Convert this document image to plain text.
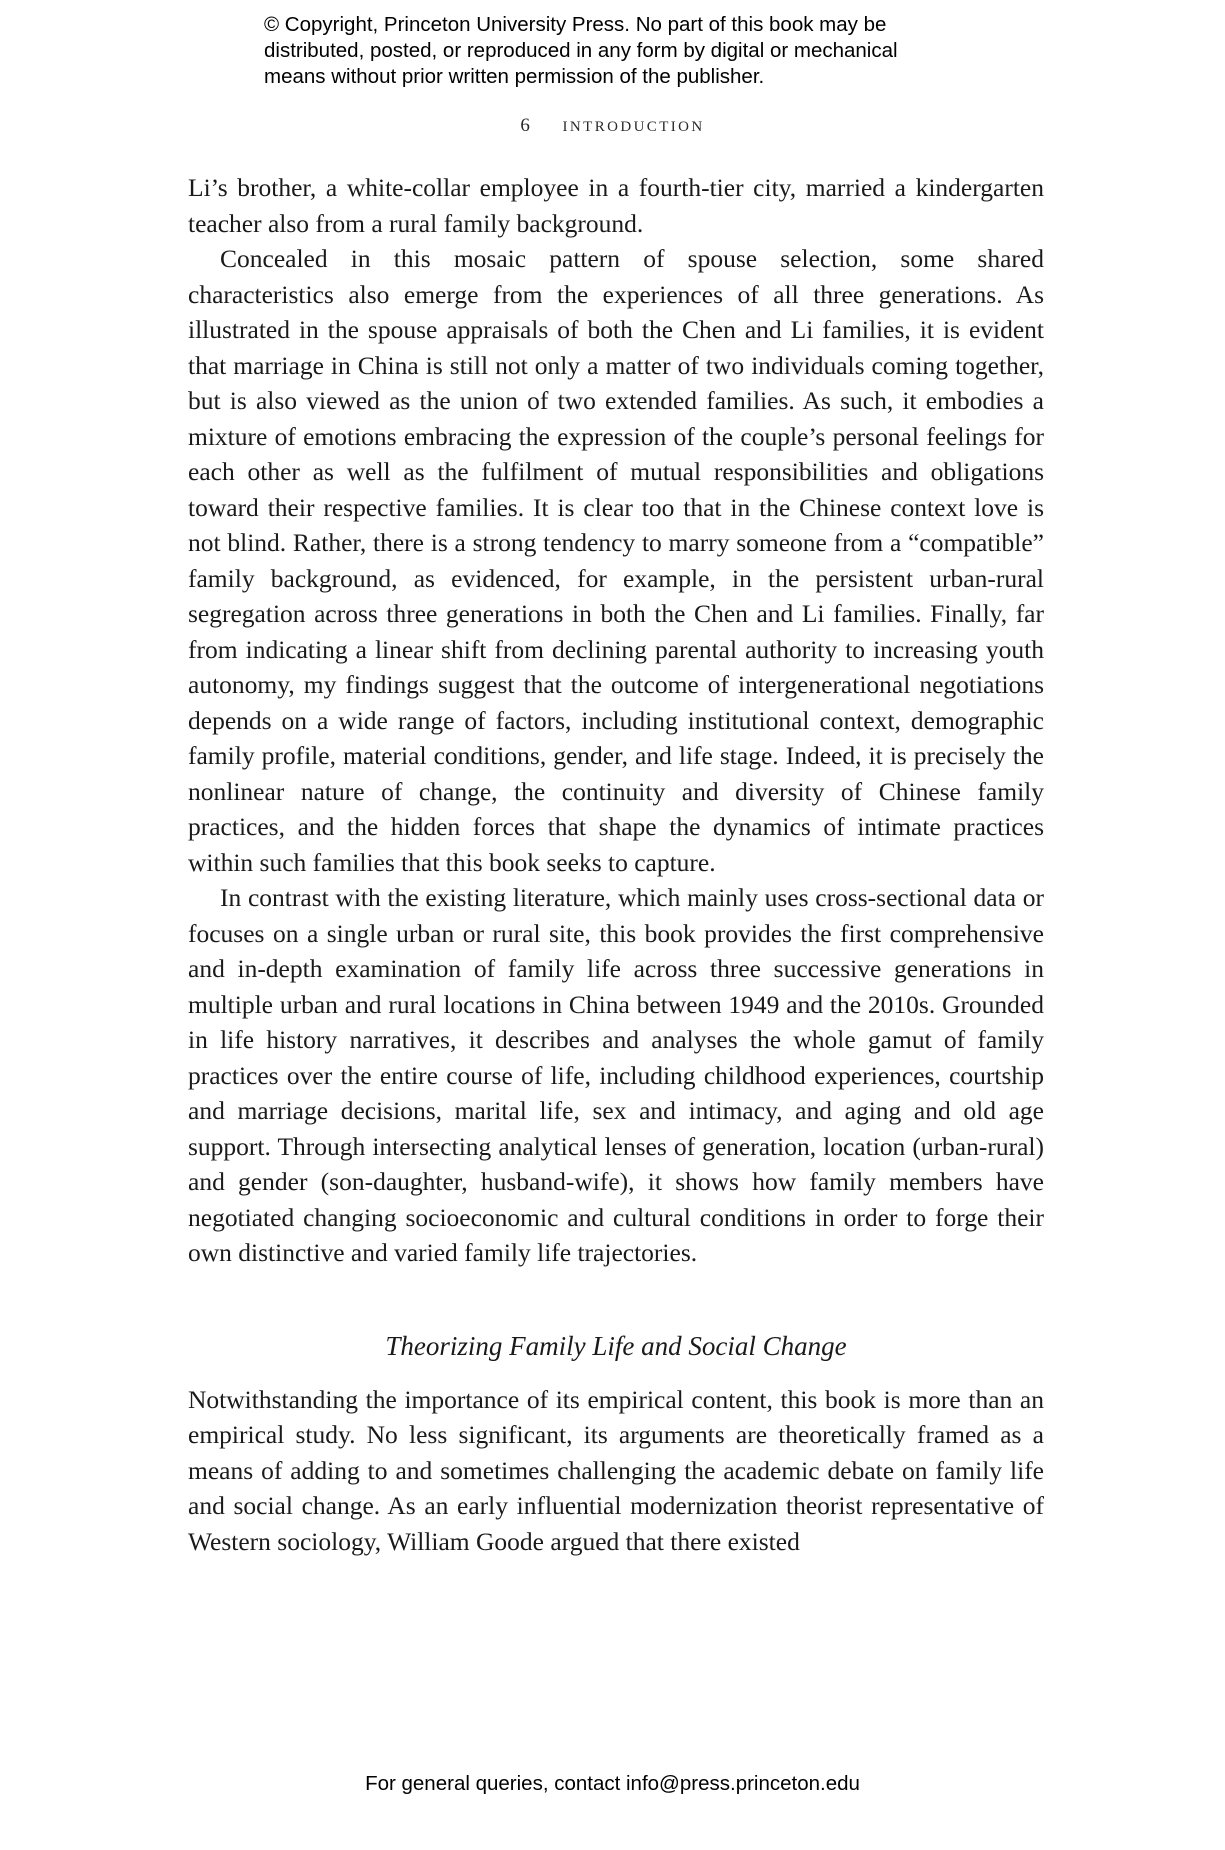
© Copyright, Princeton University Press. No part of this book may be
distributed, posted, or reproduced in any form by digital or mechanical
means without prior written permission of the publisher.
6 introduction

Li’s brother, a white-collar employee in a fourth-tier city, married a kindergarten teacher also from a rural family background.

Concealed in this mosaic pattern of spouse selection, some shared characteristics also emerge from the experiences of all three generations. As illustrated in the spouse appraisals of both the Chen and Li families, it is evident that marriage in China is still not only a matter of two individuals coming together, but is also viewed as the union of two extended families. As such, it embodies a mixture of emotions embracing the expression of the couple’s personal feelings for each other as well as the fulfilment of mutual responsibilities and obligations toward their respective families. It is clear too that in the Chinese context love is not blind. Rather, there is a strong tendency to marry someone from a “compatible” family background, as evidenced, for example, in the persistent urban-rural segregation across three generations in both the Chen and Li families. Finally, far from indicating a linear shift from declining parental authority to increasing youth autonomy, my findings suggest that the outcome of intergenerational negotiations depends on a wide range of factors, including institutional context, demographic family profile, material conditions, gender, and life stage. Indeed, it is precisely the nonlinear nature of change, the continuity and diversity of Chinese family practices, and the hidden forces that shape the dynamics of intimate practices within such families that this book seeks to capture.

In contrast with the existing literature, which mainly uses cross-sectional data or focuses on a single urban or rural site, this book provides the first comprehensive and in-depth examination of family life across three successive generations in multiple urban and rural locations in China between 1949 and the 2010s. Grounded in life history narratives, it describes and analyses the whole gamut of family practices over the entire course of life, including childhood experiences, courtship and marriage decisions, marital life, sex and intimacy, and aging and old age support. Through intersecting analytical lenses of generation, location (urban-rural) and gender (son-daughter, husband-wife), it shows how family members have negotiated changing socioeconomic and cultural conditions in order to forge their own distinctive and varied family life trajectories.

Theorizing Family Life and Social Change

Notwithstanding the importance of its empirical content, this book is more than an empirical study. No less significant, its arguments are theoretically framed as a means of adding to and sometimes challenging the academic debate on family life and social change. As an early influential modernization theorist representative of Western sociology, William Goode argued that there existed

For general queries, contact info@press.princeton.edu
